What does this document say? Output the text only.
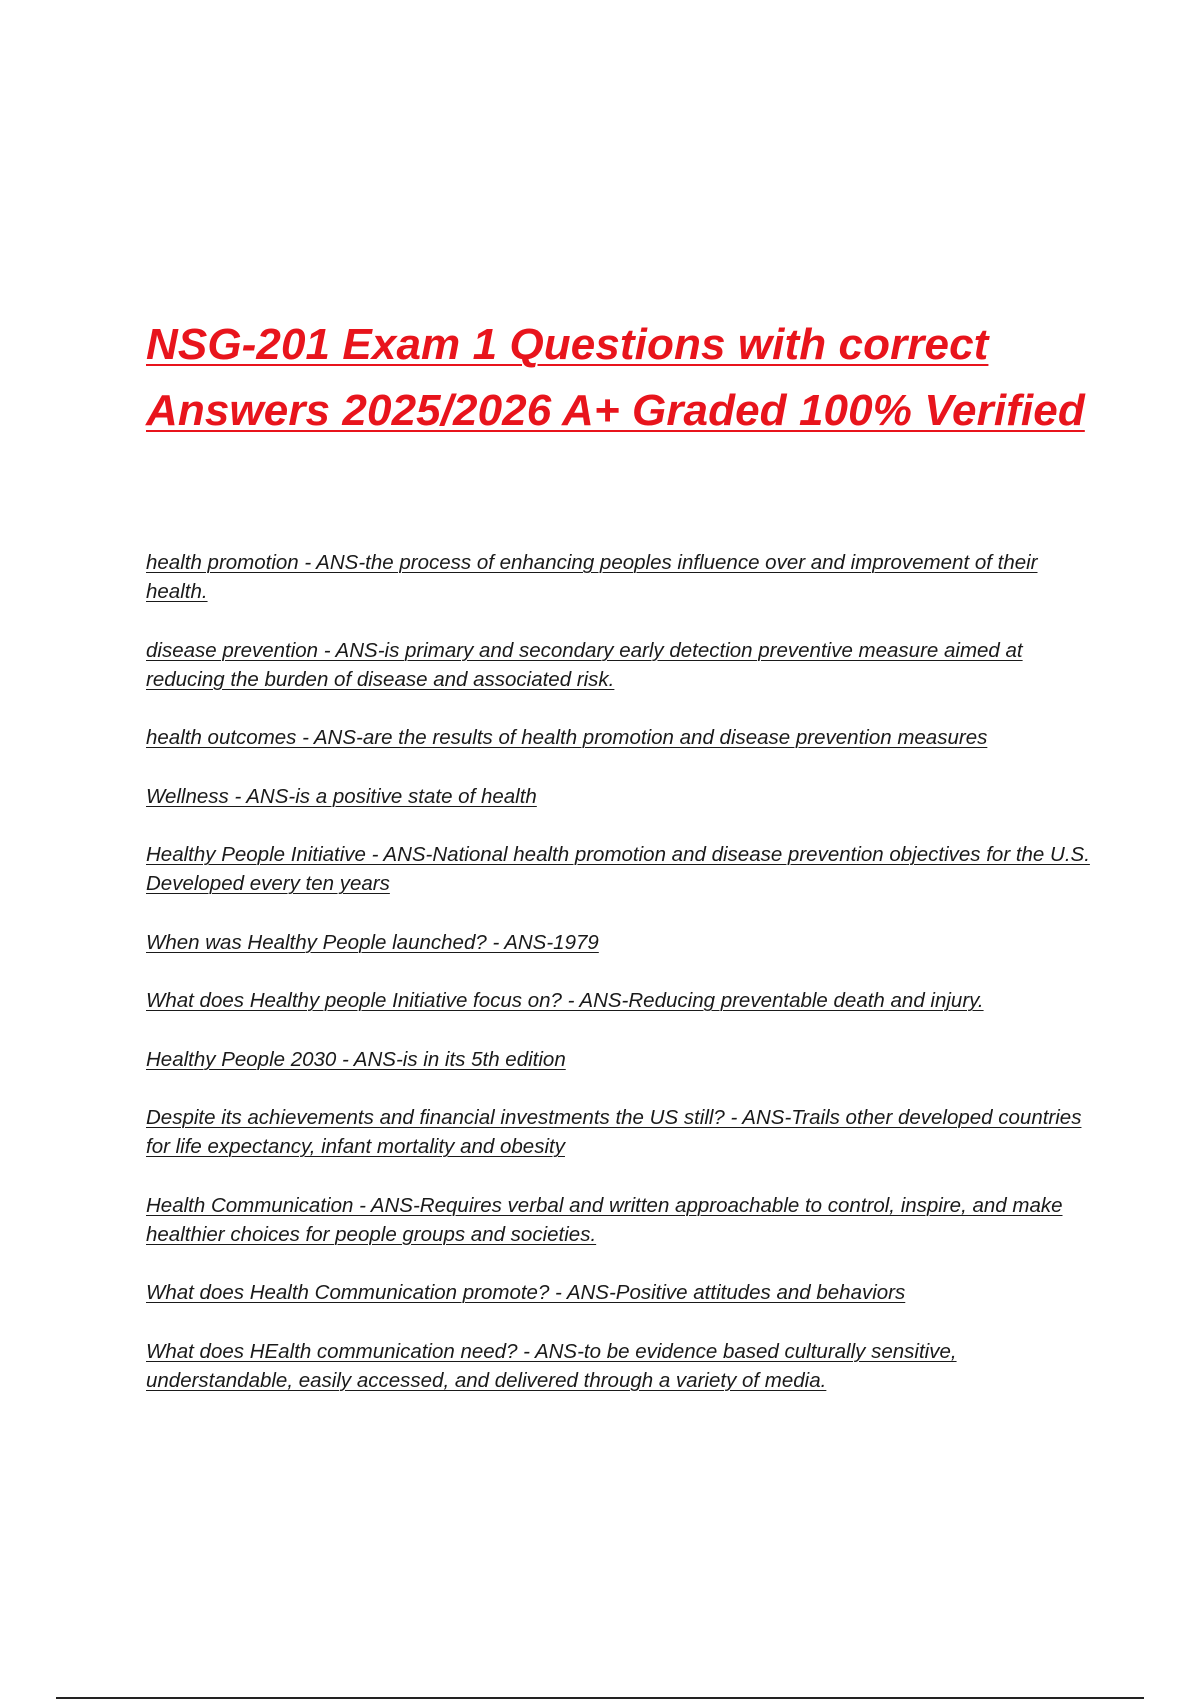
NSG-201 Exam 1 Questions with correct Answers 2025/2026 A+ Graded 100% Verified
health promotion - ANS-the process of enhancing peoples influence over and improvement of their health.
disease prevention - ANS-is primary and secondary early detection preventive measure aimed at reducing the burden of disease and associated risk.
health outcomes - ANS-are the results of health promotion and disease prevention measures
Wellness - ANS-is a positive state of health
Healthy People Initiative - ANS-National health promotion and disease prevention objectives for the U.S. Developed every ten years
When was Healthy People launched? - ANS-1979
What does Healthy people Initiative focus on? - ANS-Reducing preventable death and injury.
Healthy People 2030 - ANS-is in its 5th edition
Despite its achievements and financial investments the US still? - ANS-Trails other developed countries for life expectancy, infant mortality and obesity
Health Communication - ANS-Requires verbal and written approachable to control, inspire, and make healthier choices for people groups and societies.
What does Health Communication promote? - ANS-Positive attitudes and behaviors
What does HEalth communication need? - ANS-to be evidence based culturally sensitive, understandable, easily accessed, and delivered through a variety of media.
